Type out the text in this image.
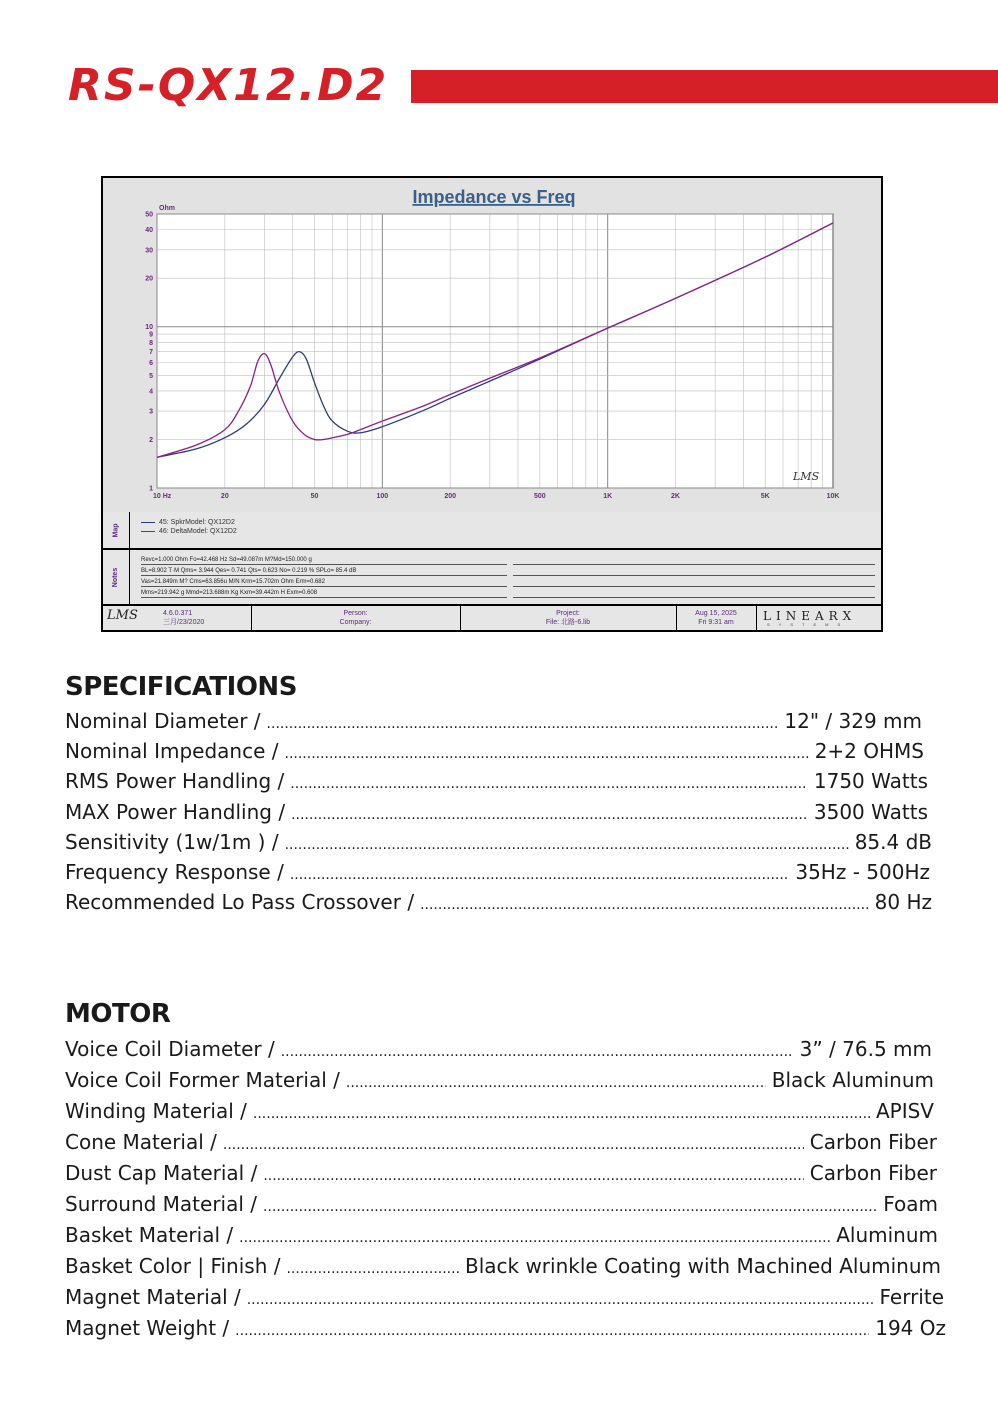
RS-QX12.D2
Impedance vs Freq
Ohm
1
2
3
4
5
6
7
8
9
10
20
30
40
50
10 Hz	20	50	100	200	500	1K	2K	5K	10K
LMS
Map
45: SpkrModel: QX12D2
46: DeltaModel: QX12D2
Notes
Revc=1.000 Ohm Fo=42.468 Hz Sd=49.087m M?Md=150.000 g
BL=8.902 T·M Qms= 3.944 Qes= 0.741 Qts= 0.623 No= 0.219 % SPLo= 85.4 dB
Vas=21.849m M? Cms=63.856u M/N Krm=15.702m Ohm Erm=0.682
Mms=219.942 g Mmd=213.688m Kg Kxm=39.442m H Exm=0.608
LMS	4.6.0.371
三月/23/2020
Person:
Company:
Project:
File: 北路-6.lib
Aug 15, 2025
Fri 9:31 am	LINEARX
SYSTEMS
SPECIFICATIONS
Nominal Diameter / .....	12" / 329 mm
Nominal Impedance / .....	2+2 OHMS
RMS Power Handling / .....	1750 Watts
MAX Power Handling / .....	3500 Watts
Sensitivity (1w/1m ) / .....	85.4 dB
Frequency Response / .....	35Hz - 500Hz
Recommended Lo Pass Crossover / .....	80 Hz
MOTOR
Voice Coil Diameter / .....	3” / 76.5 mm
Voice Coil Former Material / .....	Black Aluminum
Winding Material / .....	APISV
Cone Material / .....	Carbon Fiber
Dust Cap Material / .....	Carbon Fiber
Surround Material / .....	Foam
Basket Material / .....	Aluminum
Basket Color | Finish / .....	Black wrinkle Coating with Machined Aluminum
Magnet Material / .....	Ferrite
Magnet Weight / .....	194 Oz
